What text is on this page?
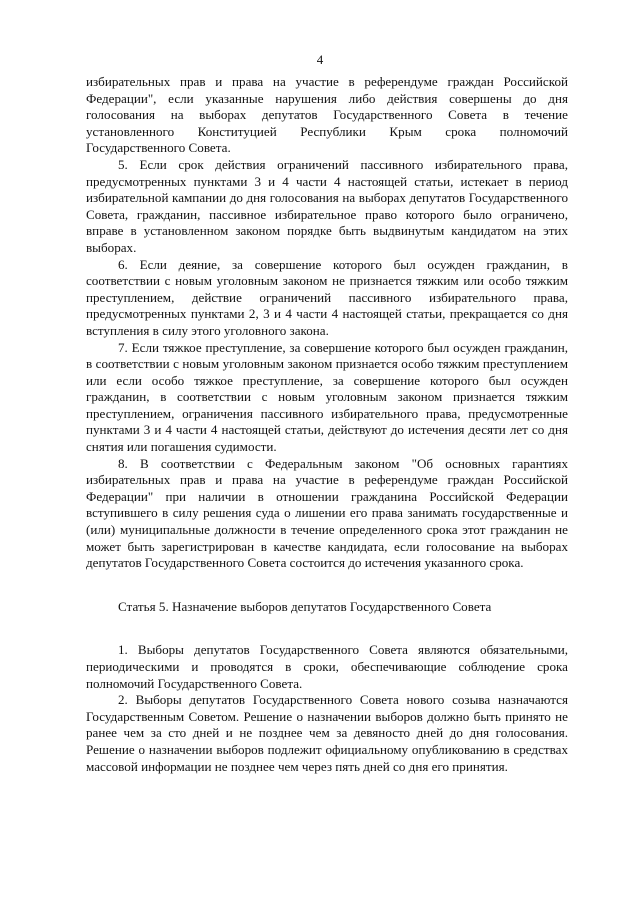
4

избирательных прав и права на участие в референдуме граждан Российской Федерации", если указанные нарушения либо действия совершены до дня голосования на выборах депутатов Государственного Совета в течение установленного Конституцией Республики Крым срока полномочий Государственного Совета.

5. Если срок действия ограничений пассивного избирательного права, предусмотренных пунктами 3 и 4 части 4 настоящей статьи, истекает в период избирательной кампании до дня голосования на выборах депутатов Государственного Совета, гражданин, пассивное избирательное право которого было ограничено, вправе в установленном законом порядке быть выдвинутым кандидатом на этих выборах.

6. Если деяние, за совершение которого был осужден гражданин, в соответствии с новым уголовным законом не признается тяжким или особо тяжким преступлением, действие ограничений пассивного избирательного права, предусмотренных пунктами 2, 3 и 4 части 4 настоящей статьи, прекращается со дня вступления в силу этого уголовного закона.

7. Если тяжкое преступление, за совершение которого был осужден гражданин, в соответствии с новым уголовным законом признается особо тяжким преступлением или если особо тяжкое преступление, за совершение которого был осужден гражданин, в соответствии с новым уголовным законом признается тяжким преступлением, ограничения пассивного избирательного права, предусмотренные пунктами 3 и 4 части 4 настоящей статьи, действуют до истечения десяти лет со дня снятия или погашения судимости.

8. В соответствии с Федеральным законом "Об основных гарантиях избирательных прав и права на участие в референдуме граждан Российской Федерации" при наличии в отношении гражданина Российской Федерации вступившего в силу решения суда о лишении его права занимать государственные и (или) муниципальные должности в течение определенного срока этот гражданин не может быть зарегистрирован в качестве кандидата, если голосование на выборах депутатов Государственного Совета состоится до истечения указанного срока.

Статья 5. Назначение выборов депутатов Государственного Совета

1. Выборы депутатов Государственного Совета являются обязательными, периодическими и проводятся в сроки, обеспечивающие соблюдение срока полномочий Государственного Совета.

2. Выборы депутатов Государственного Совета нового созыва назначаются Государственным Советом. Решение о назначении выборов должно быть принято не ранее чем за сто дней и не позднее чем за девяносто дней до дня голосования. Решение о назначении выборов подлежит официальному опубликованию в средствах массовой информации не позднее чем через пять дней со дня его принятия.
